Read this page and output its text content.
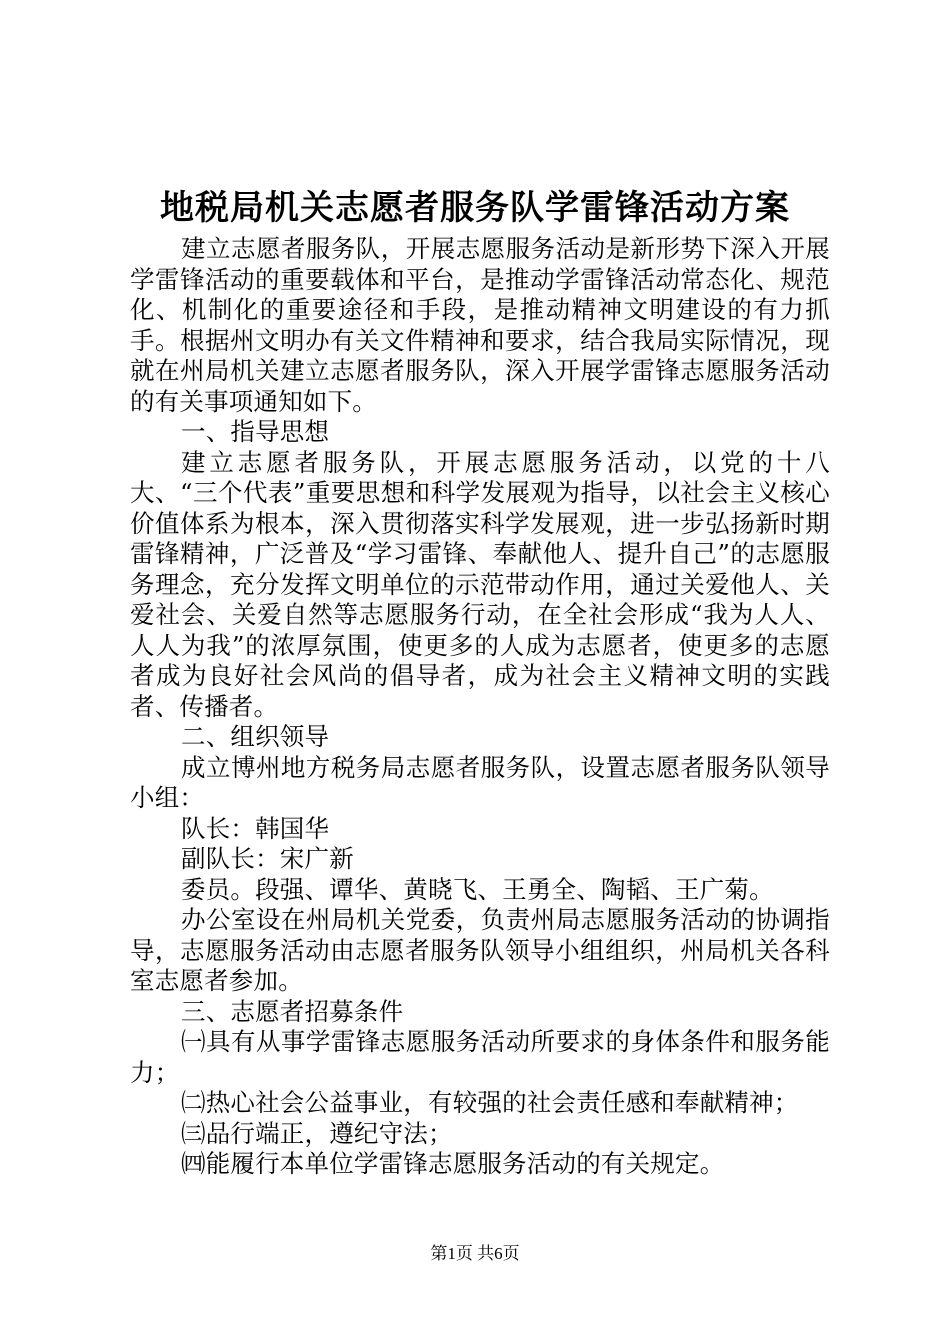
地税局机关志愿者服务队学雷锋活动方案

建立志愿者服务队，开展志愿服务活动是新形势下深入开展学雷锋活动的重要载体和平台，是推动学雷锋活动常态化、规范化、机制化的重要途径和手段，是推动精神文明建设的有力抓手。根据州文明办有关文件精神和要求，结合我局实际情况，现就在州局机关建立志愿者服务队，深入开展学雷锋志愿服务活动的有关事项通知如下。

一、指导思想

建立志愿者服务队，开展志愿服务活动，以党的十八大、“三个代表”重要思想和科学发展观为指导，以社会主义核心价值体系为根本，深入贯彻落实科学发展观，进一步弘扬新时期雷锋精神，广泛普及“学习雷锋、奉献他人、提升自己”的志愿服务理念，充分发挥文明单位的示范带动作用，通过关爱他人、关爱社会、关爱自然等志愿服务行动，在全社会形成“我为人人、人人为我”的浓厚氛围，使更多的人成为志愿者，使更多的志愿者成为良好社会风尚的倡导者，成为社会主义精神文明的实践者、传播者。

二、组织领导

成立博州地方税务局志愿者服务队，设置志愿者服务队领导小组：

队长：韩国华

副队长：宋广新

委员。段强、谭华、黄晓飞、王勇全、陶韬、王广菊。

办公室设在州局机关党委，负责州局志愿服务活动的协调指导，志愿服务活动由志愿者服务队领导小组组织，州局机关各科室志愿者参加。

三、志愿者招募条件

㈠具有从事学雷锋志愿服务活动所要求的身体条件和服务能力；

㈡热心社会公益事业，有较强的社会责任感和奉献精神；

㈢品行端正，遵纪守法；

㈣能履行本单位学雷锋志愿服务活动的有关规定。

第1页 共6页
